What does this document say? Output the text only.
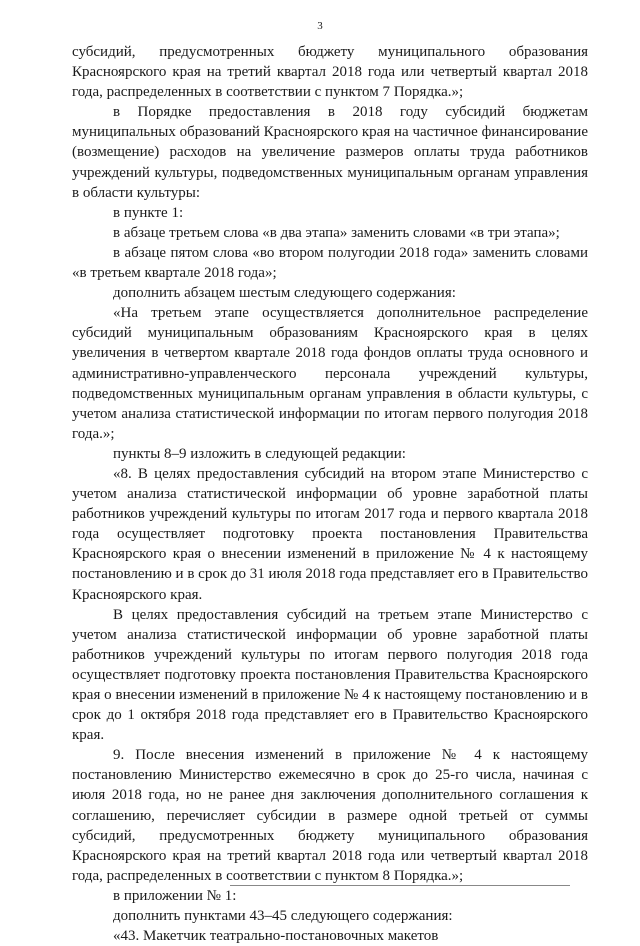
3

субсидий, предусмотренных бюджету муниципального образования Красноярского края на третий квартал 2018 года или четвертый квартал 2018 года, распределенных в соответствии с пунктом 7 Порядка.»;

в Порядке предоставления в 2018 году субсидий бюджетам муниципальных образований Красноярского края на частичное финансирование (возмещение) расходов на увеличение размеров оплаты труда работников учреждений культуры, подведомственных муниципальным органам управления в области культуры:

в пункте 1:

в абзаце третьем слова «в два этапа» заменить словами «в три этапа»;

в абзаце пятом слова «во втором полугодии 2018 года» заменить словами «в третьем квартале 2018 года»;

дополнить абзацем шестым следующего содержания:

«На третьем этапе осуществляется дополнительное распределение субсидий муниципальным образованиям Красноярского края в целях увеличения в четвертом квартале 2018 года фондов оплаты труда основного и административно-управленческого персонала учреждений культуры, подведомственных муниципальным органам управления в области культуры, с учетом анализа статистической информации по итогам первого полугодия 2018 года.»;

пункты 8–9 изложить в следующей редакции:

«8. В целях предоставления субсидий на втором этапе Министерство с учетом анализа статистической информации об уровне заработной платы работников учреждений культуры по итогам 2017 года и первого квартала 2018 года осуществляет подготовку проекта постановления Правительства Красноярского края о внесении изменений в приложение № 4 к настоящему постановлению и в срок до 31 июля 2018 года представляет его в Правительство Красноярского края.

В целях предоставления субсидий на третьем этапе Министерство с учетом анализа статистической информации об уровне заработной платы работников учреждений культуры по итогам первого полугодия 2018 года осуществляет подготовку проекта постановления Правительства Красноярского края о внесении изменений в приложение № 4 к настоящему постановлению и в срок до 1 октября 2018 года представляет его в Правительство Красноярского края.

9. После внесения изменений в приложение № 4 к настоящему постановлению Министерство ежемесячно в срок до 25-го числа, начиная с июля 2018 года, но не ранее дня заключения дополнительного соглашения к соглашению, перечисляет субсидии в размере одной третьей от суммы субсидий, предусмотренных бюджету муниципального образования Красноярского края на третий квартал 2018 года или четвертый квартал 2018 года, распределенных в соответствии с пунктом 8 Порядка.»;

в приложении № 1:

дополнить пунктами 43–45 следующего содержания:

«43. Макетчик театрально-постановочных макетов
